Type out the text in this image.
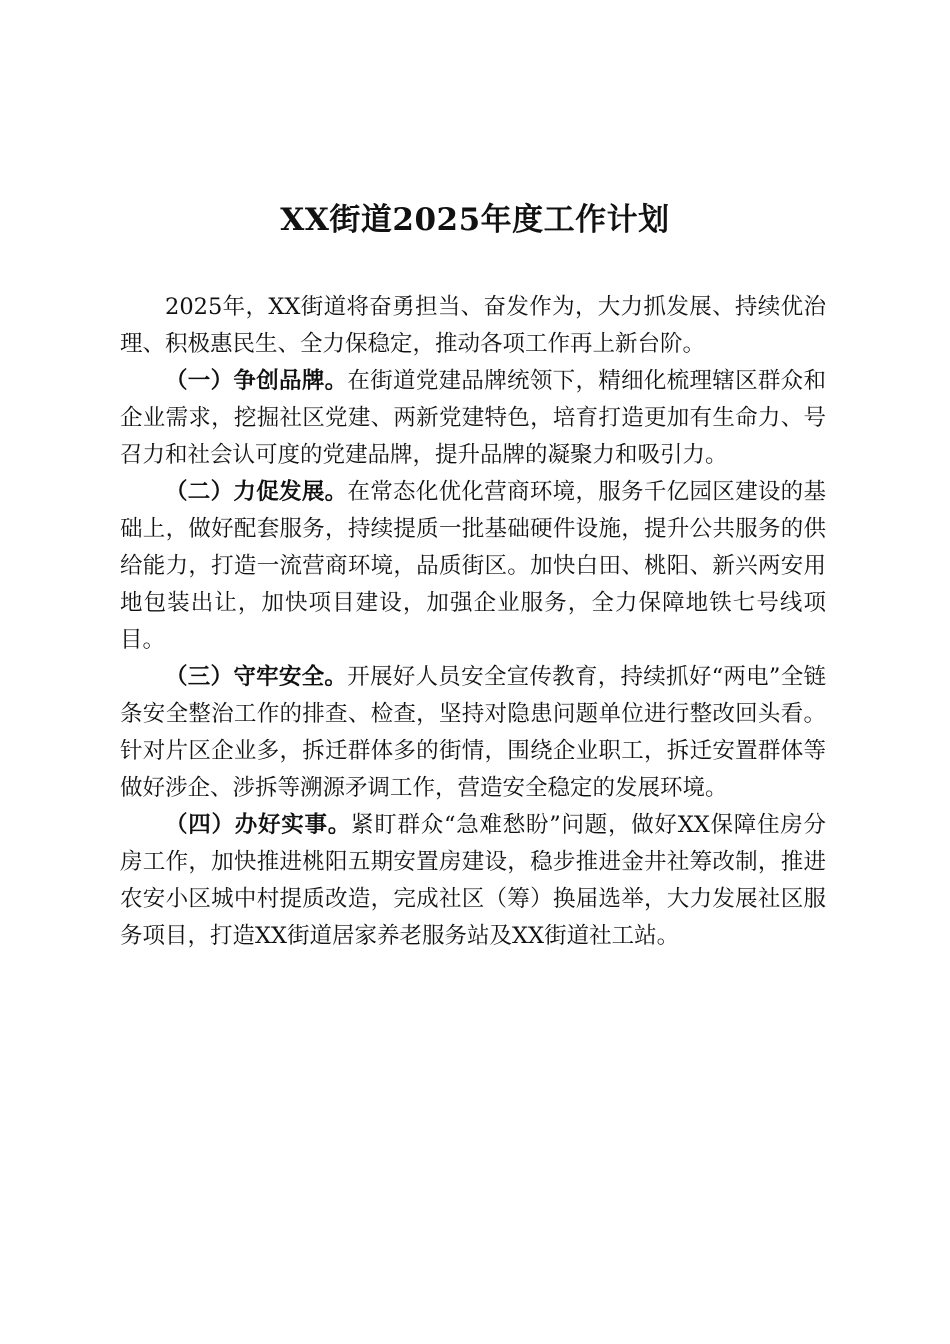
XX街道2025年度工作计划

2025年，XX街道将奋勇担当、奋发作为，大力抓发展、持续优治理、积极惠民生、全力保稳定，推动各项工作再上新台阶。

（一）争创品牌。在街道党建品牌统领下，精细化梳理辖区群众和企业需求，挖掘社区党建、两新党建特色，培育打造更加有生命力、号召力和社会认可度的党建品牌，提升品牌的凝聚力和吸引力。

（二）力促发展。在常态化优化营商环境，服务千亿园区建设的基础上，做好配套服务，持续提质一批基础硬件设施，提升公共服务的供给能力，打造一流营商环境，品质街区。加快白田、桃阳、新兴两安用地包装出让，加快项目建设，加强企业服务，全力保障地铁七号线项目。

（三）守牢安全。开展好人员安全宣传教育，持续抓好“两电”全链条安全整治工作的排查、检查，坚持对隐患问题单位进行整改回头看。针对片区企业多，拆迁群体多的街情，围绕企业职工，拆迁安置群体等做好涉企、涉拆等溯源矛调工作，营造安全稳定的发展环境。

（四）办好实事。紧盯群众“急难愁盼”问题，做好XX保障住房分房工作，加快推进桃阳五期安置房建设，稳步推进金井社筹改制，推进农安小区城中村提质改造，完成社区（筹）换届选举，大力发展社区服务项目，打造XX街道居家养老服务站及XX街道社工站。
